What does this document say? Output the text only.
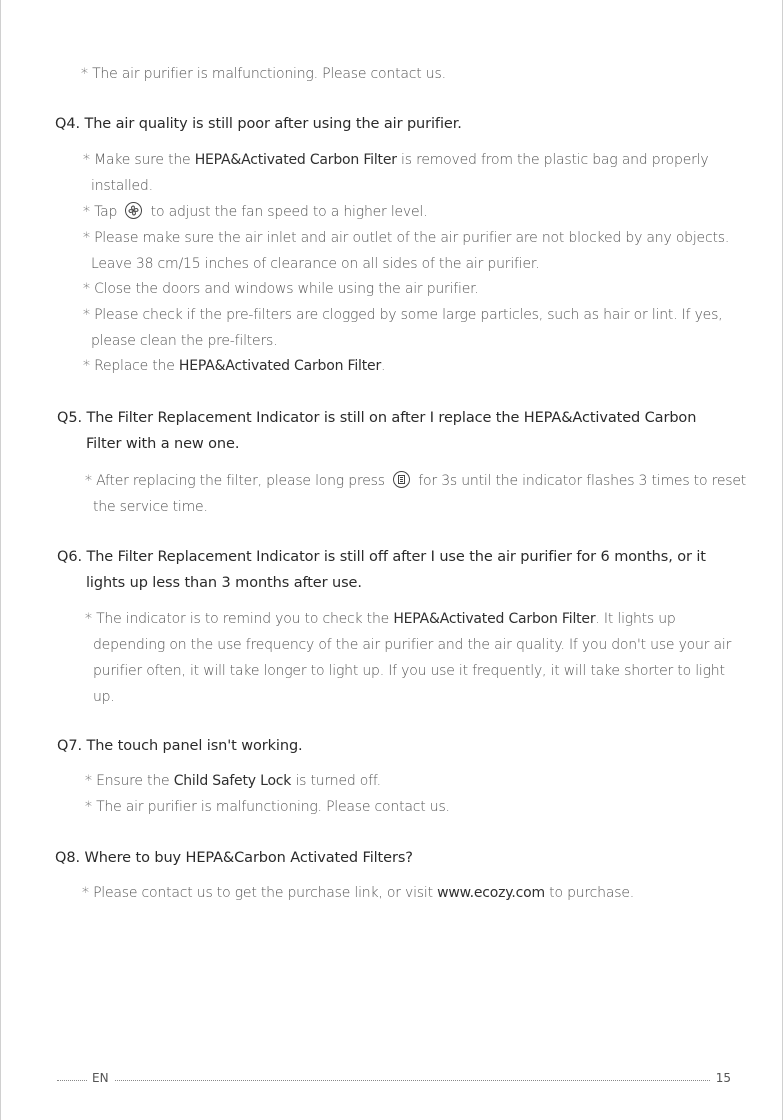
* The air purifier is malfunctioning. Please contact us.

Q4. The air quality is still poor after using the air purifier.

* Make sure the HEPA&Activated Carbon Filter is removed from the plastic bag and properly installed.

* Tap
to adjust the fan speed to a higher level.

* Please make sure the air inlet and air outlet of the air purifier are not blocked by any objects. Leave 38 cm/15 inches of clearance on all sides of the air purifier.

* Close the doors and windows while using the air purifier.

* Please check if the pre-filters are clogged by some large particles, such as hair or lint. If yes, please clean the pre-filters.

* Replace the HEPA&Activated Carbon Filter.

Q5. The Filter Replacement Indicator is still on after I replace the HEPA&Activated Carbon
Filter with a new one.

* After replacing the filter, please long press
for 3s until the indicator flashes 3 times to reset the service time.

Q6. The Filter Replacement Indicator is still off after I use the air purifier for 6 months, or it
lights up less than 3 months after use.

* The indicator is to remind you to check the HEPA&Activated Carbon Filter. It lights up depending on the use frequency of the air purifier and the air quality. If you don't use your air purifier often, it will take longer to light up. If you use it frequently, it will take shorter to light up.

Q7. The touch panel isn't working.

* Ensure the Child Safety Lock is turned off.

* The air purifier is malfunctioning. Please contact us.

Q8. Where to buy HEPA&Carbon Activated Filters?

* Please contact us to get the purchase link, or visit www.ecozy.com to purchase.

EN	15
